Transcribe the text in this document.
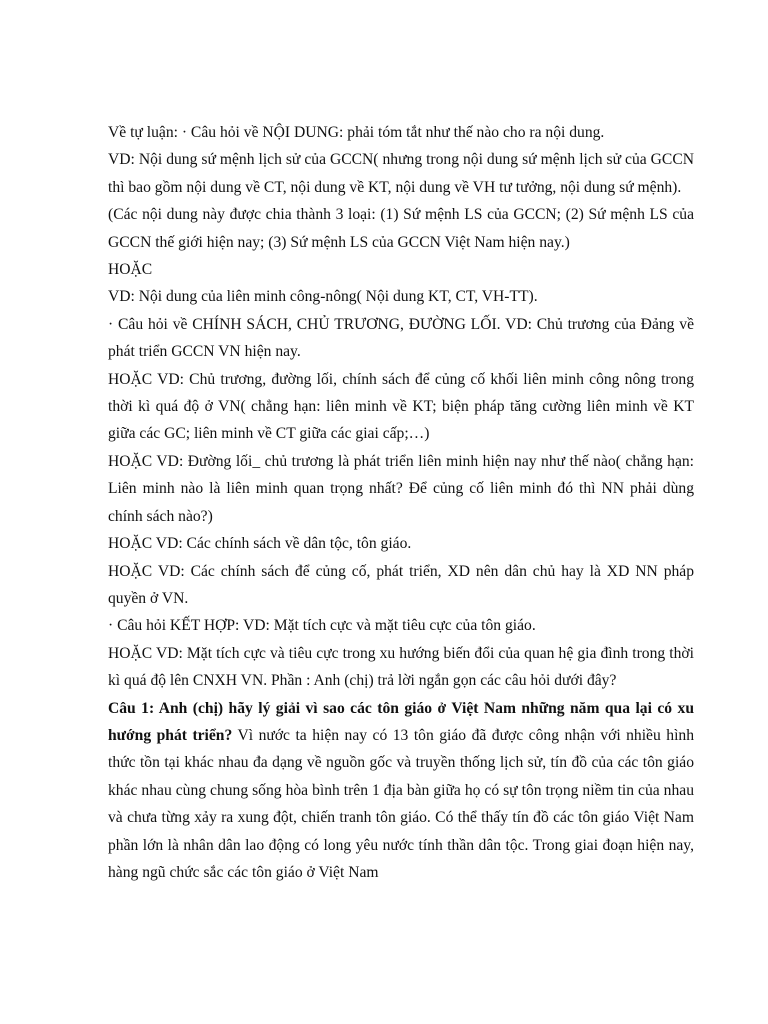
Về tự luận: · Câu hỏi về NỘI DUNG: phải tóm tắt như thế nào cho ra nội dung.

VD: Nội dung sứ mệnh lịch sử của GCCN( nhưng trong nội dung sứ mệnh lịch sử của GCCN thì bao gồm nội dung về CT, nội dung về KT, nội dung về VH tư tưởng, nội dung sứ mệnh).

(Các nội dung này được chia thành 3 loại: (1) Sứ mệnh LS của GCCN; (2) Sứ mệnh LS của GCCN thế giới hiện nay; (3) Sứ mệnh LS của GCCN Việt Nam hiện nay.)

HOẶC

VD: Nội dung của liên minh công-nông( Nội dung KT, CT, VH-TT).

· Câu hỏi về CHÍNH SÁCH, CHỦ TRƯƠNG, ĐƯỜNG LỐI. VD: Chủ trương của Đảng về phát triển GCCN VN hiện nay.

HOẶC VD: Chủ trương, đường lối, chính sách để củng cố khối liên minh công nông trong thời kì quá độ ở VN( chẳng hạn: liên minh về KT; biện pháp tăng cường liên minh về KT giữa các GC; liên minh về CT giữa các giai cấp;…)

HOẶC VD: Đường lối_ chủ trương là phát triển liên minh hiện nay như thế nào( chẳng hạn: Liên minh nào là liên minh quan trọng nhất? Để củng cố liên minh đó thì NN phải dùng chính sách nào?)

HOẶC VD: Các chính sách về dân tộc, tôn giáo.

HOẶC VD: Các chính sách để củng cố, phát triển, XD nên dân chủ hay là XD NN pháp quyền ở VN.

· Câu hỏi KẾT HỢP: VD: Mặt tích cực và mặt tiêu cực của tôn giáo.

HOẶC VD: Mặt tích cực và tiêu cực trong xu hướng biến đổi của quan hệ gia đình trong thời kì quá độ lên CNXH VN. Phần : Anh (chị) trả lời ngắn gọn các câu hỏi dưới đây?

Câu 1: Anh (chị) hãy lý giải vì sao các tôn giáo ở Việt Nam những năm qua lại có xu hướng phát triển? Vì nước ta hiện nay có 13 tôn giáo đã được công nhận với nhiều hình thức tồn tại khác nhau đa dạng về nguồn gốc và truyền thống lịch sử, tín đồ của các tôn giáo khác nhau cùng chung sống hòa bình trên 1 địa bàn giữa họ có sự tôn trọng niềm tin của nhau và chưa từng xảy ra xung đột, chiến tranh tôn giáo. Có thể thấy tín đồ các tôn giáo Việt Nam phần lớn là nhân dân lao động có long yêu nước tính thần dân tộc. Trong giai đoạn hiện nay, hàng ngũ chức sắc các tôn giáo ở Việt Nam
